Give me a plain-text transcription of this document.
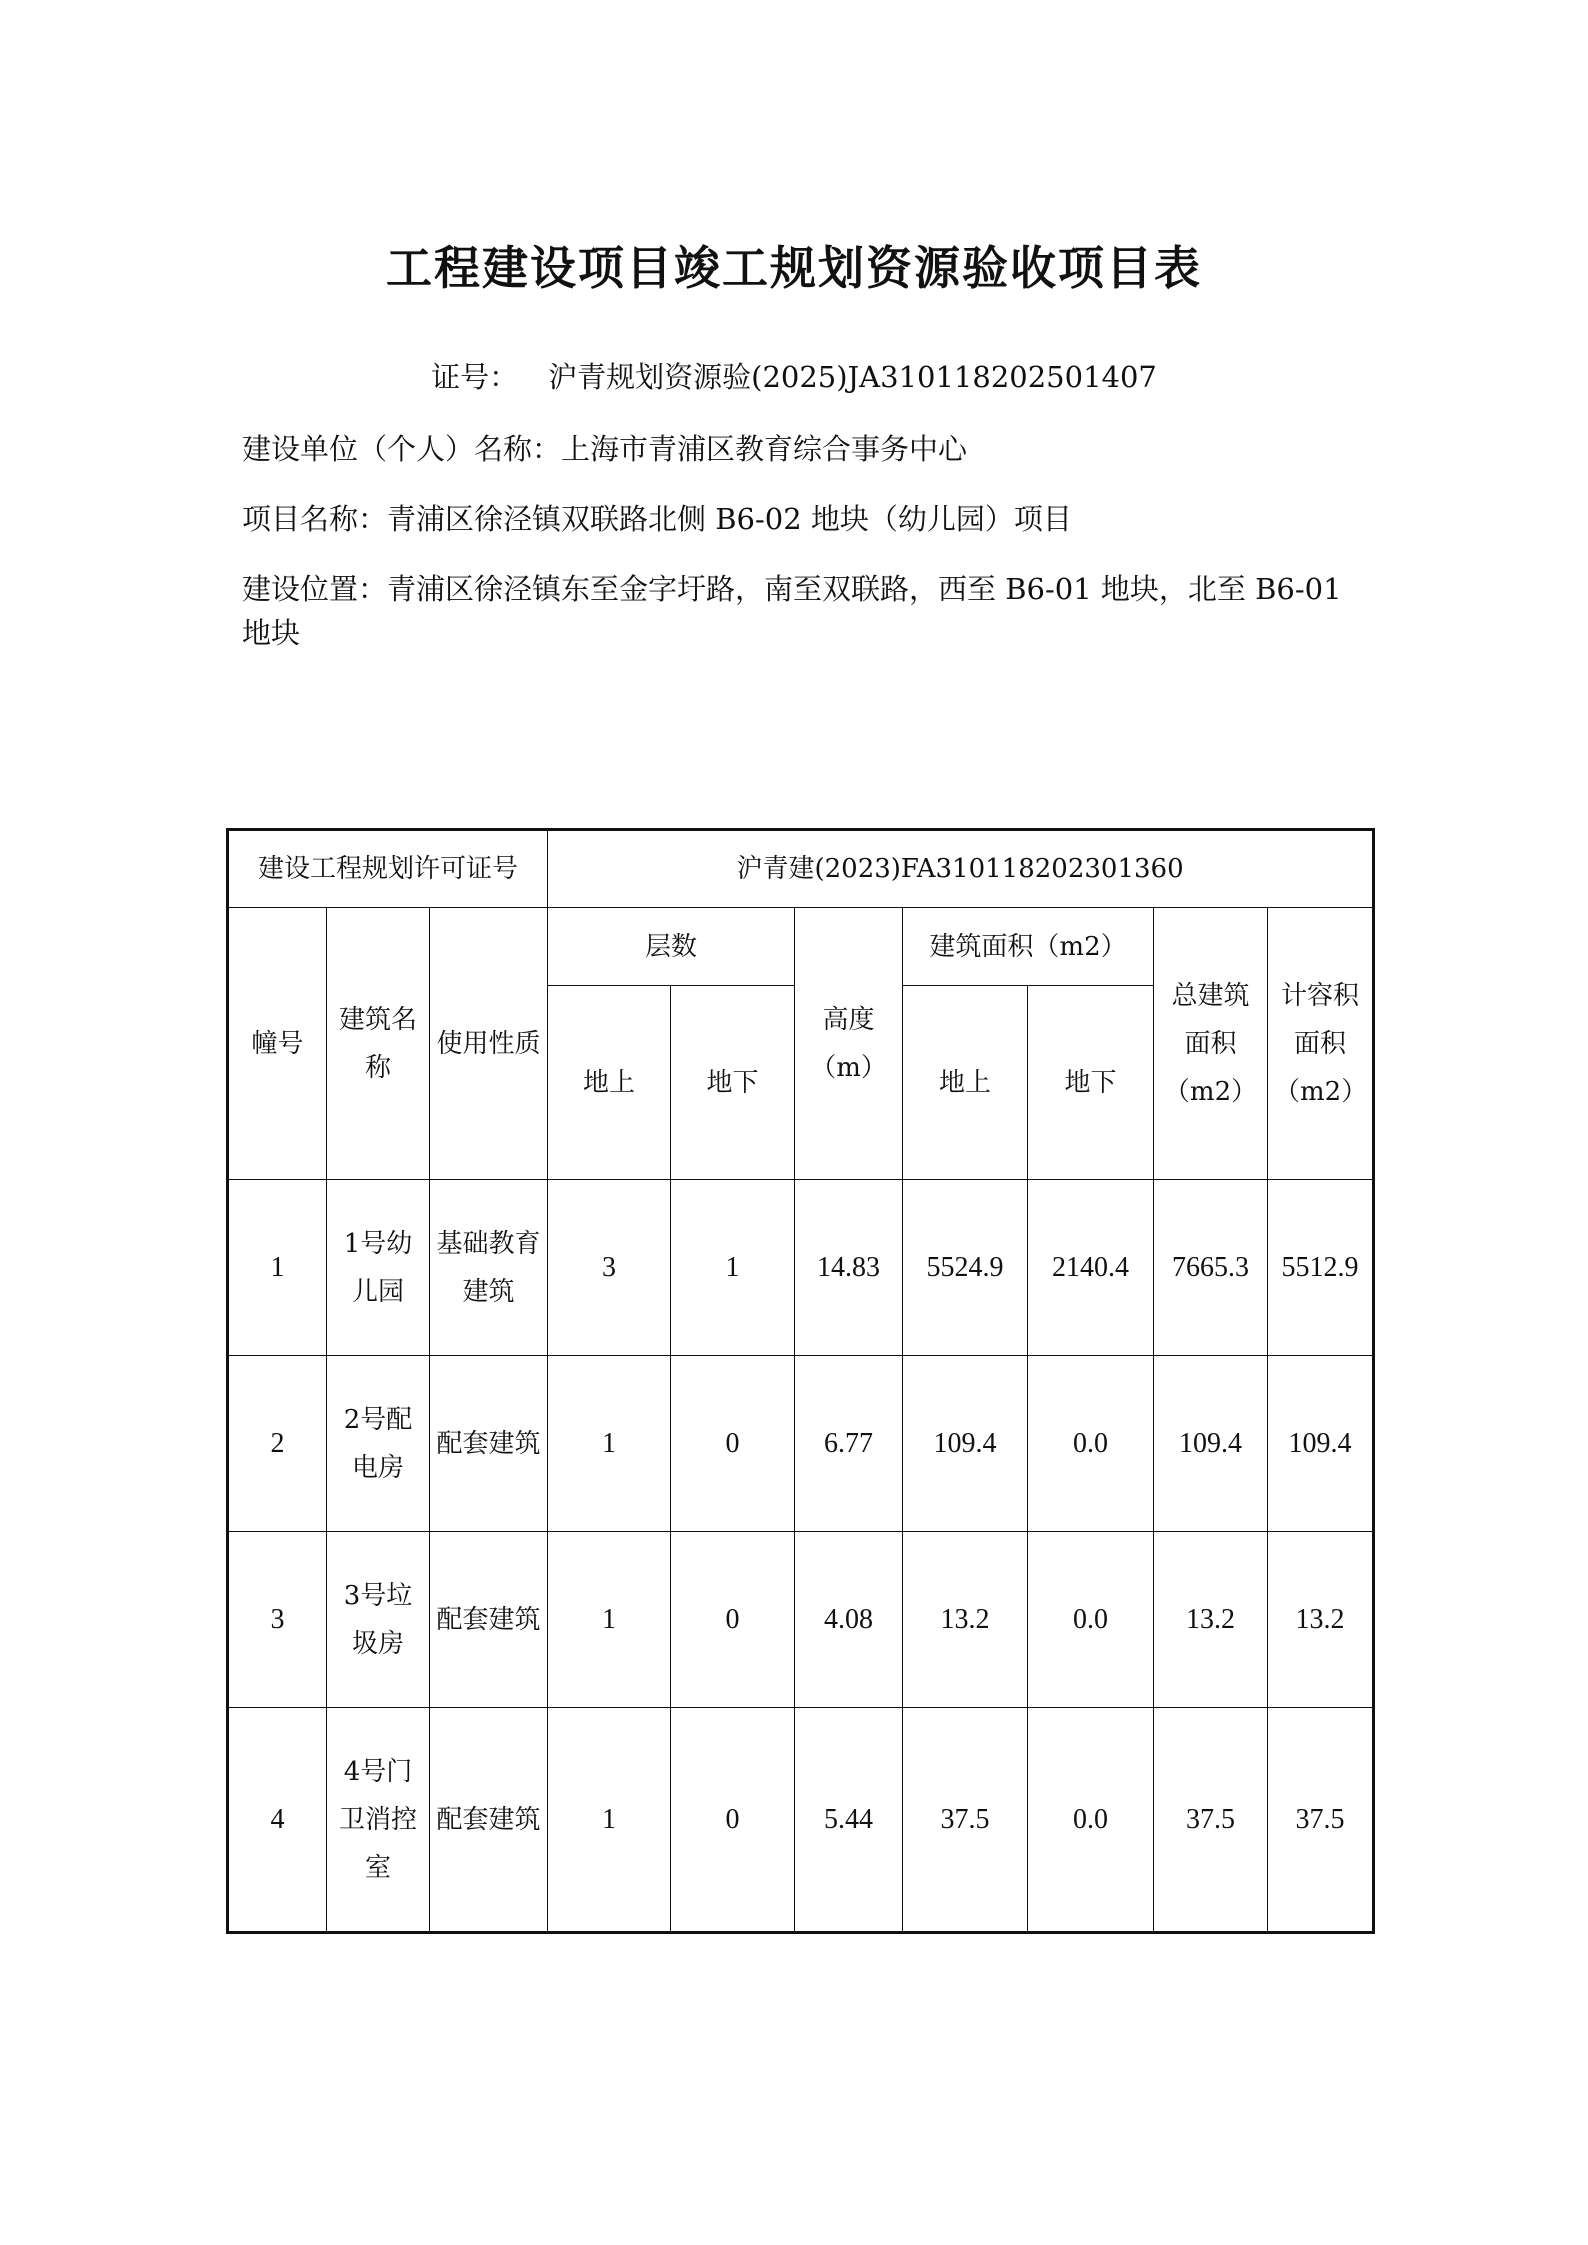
工程建设项目竣工规划资源验收项目表
证号： 沪青规划资源验(2025)JA310118202501407
建设单位（个人）名称：上海市青浦区教育综合事务中心
项目名称：青浦区徐泾镇双联路北侧 B6-02 地块（幼儿园）项目
建设位置：青浦区徐泾镇东至金字圩路，南至双联路，西至 B6-01 地块，北至 B6-01 地块
建设工程规划许可证号			沪青建(2023)FA310118202301360						
幢号	建筑名称	使用性质	层数		高度（m）	建筑面积（m2）		总建筑面积（m2）	计容积面积（m2）
			地上	地下		地上	地下		
1	1号幼儿园	基础教育建筑	3	1	14.83	5524.9	2140.4	7665.3	5512.9
2	2号配电房	配套建筑	1	0	6.77	109.4	0.0	109.4	109.4
3	3号垃圾房	配套建筑	1	0	4.08	13.2	0.0	13.2	13.2
4	4号门卫消控室	配套建筑	1	0	5.44	37.5	0.0	37.5	37.5
